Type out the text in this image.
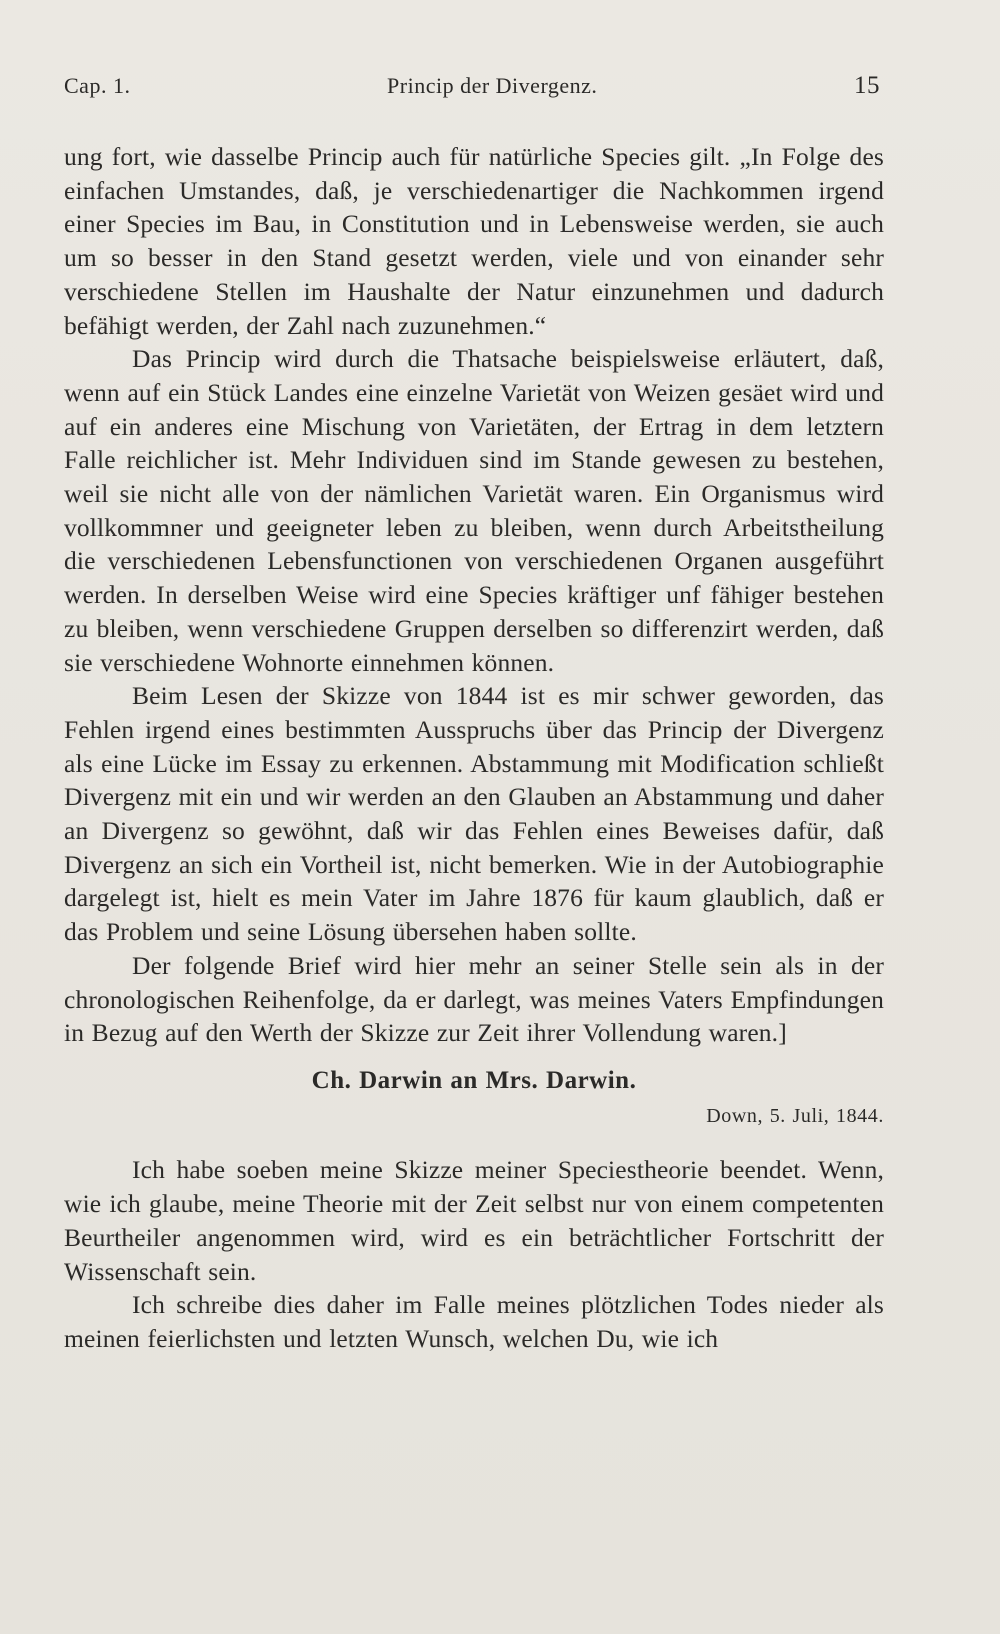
Cap. 1.	Princip der Divergenz.	15

ung fort, wie dasselbe Princip auch für natürliche Species gilt. „In Folge des einfachen Umstandes, daß, je verschiedenartiger die Nachkommen irgend einer Species im Bau, in Constitution und in Lebensweise werden, sie auch um so besser in den Stand gesetzt werden, viele und von einander sehr verschiedene Stellen im Haushalte der Natur einzunehmen und dadurch befähigt werden, der Zahl nach zuzunehmen.“

Das Princip wird durch die Thatsache beispielsweise erläutert, daß, wenn auf ein Stück Landes eine einzelne Varietät von Weizen gesäet wird und auf ein anderes eine Mischung von Varietäten, der Ertrag in dem letztern Falle reichlicher ist. Mehr Individuen sind im Stande gewesen zu bestehen, weil sie nicht alle von der nämlichen Varietät waren. Ein Organismus wird vollkommner und geeigneter leben zu bleiben, wenn durch Arbeitstheilung die verschiedenen Lebensfunctionen von verschiedenen Organen ausgeführt werden. In derselben Weise wird eine Species kräftiger unf fähiger bestehen zu bleiben, wenn verschiedene Gruppen derselben so differenzirt werden, daß sie verschiedene Wohnorte einnehmen können.

Beim Lesen der Skizze von 1844 ist es mir schwer geworden, das Fehlen irgend eines bestimmten Ausspruchs über das Princip der Divergenz als eine Lücke im Essay zu erkennen. Abstammung mit Modification schließt Divergenz mit ein und wir werden an den Glauben an Abstammung und daher an Divergenz so gewöhnt, daß wir das Fehlen eines Beweises dafür, daß Divergenz an sich ein Vortheil ist, nicht bemerken. Wie in der Autobiographie dargelegt ist, hielt es mein Vater im Jahre 1876 für kaum glaublich, daß er das Problem und seine Lösung übersehen haben sollte.

Der folgende Brief wird hier mehr an seiner Stelle sein als in der chronologischen Reihenfolge, da er darlegt, was meines Vaters Empfindungen in Bezug auf den Werth der Skizze zur Zeit ihrer Vollendung waren.]

Ch. Darwin an Mrs. Darwin.
Down, 5. Juli, 1844.

Ich habe soeben meine Skizze meiner Speciestheorie beendet. Wenn, wie ich glaube, meine Theorie mit der Zeit selbst nur von einem competenten Beurtheiler angenommen wird, wird es ein beträchtlicher Fortschritt der Wissenschaft sein.

Ich schreibe dies daher im Falle meines plötzlichen Todes nieder als meinen feierlichsten und letzten Wunsch, welchen Du, wie ich
